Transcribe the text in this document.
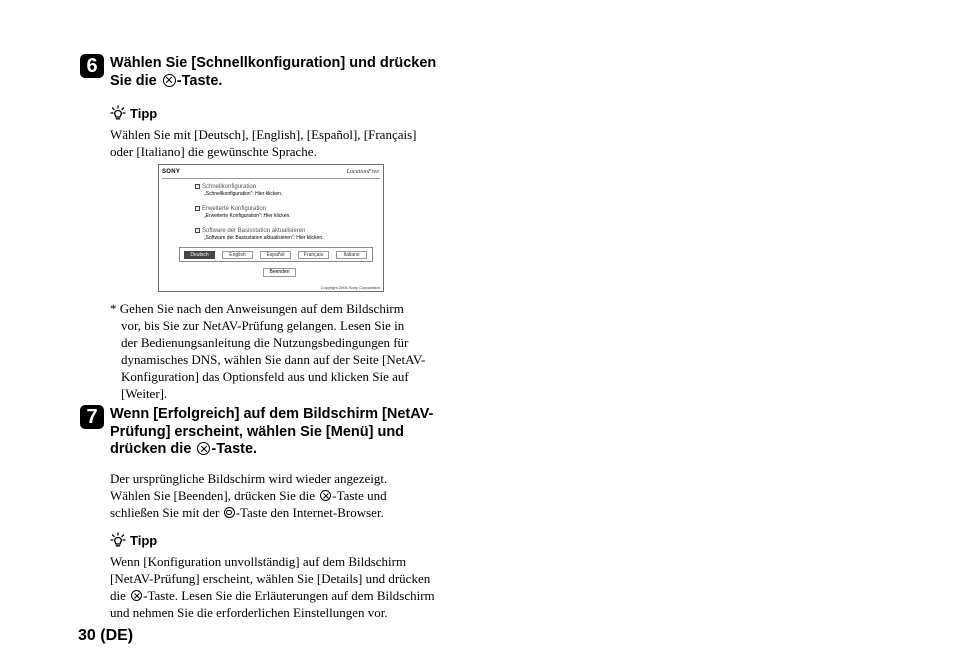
6 Wählen Sie [Schnellkonfiguration] und drücken
Sie die -Taste.
Tipp
Wählen Sie mit [Deutsch], [English], [Español], [Français]
oder [Italiano] die gewünschte Sprache.
SONY	LocationFree
Schnellkonfiguration
„Schnellkonfiguration“: Hier klicken.
Erweiterte Konfiguration
„Erweiterte Konfiguration“: Hier klicken.
Software der Basisstation aktualisieren
„Software der Basisstation aktualisieren“: Hier klicken.
Deutsch	English	Español	Français	Italiano
Beenden
Copyright 2006 Sony Corporation
* Gehen Sie nach den Anweisungen auf dem Bildschirm
vor, bis Sie zur NetAV-Prüfung gelangen. Lesen Sie in
der Bedienungsanleitung die Nutzungsbedingungen für
dynamisches DNS, wählen Sie dann auf der Seite [NetAV-
Konfiguration] das Optionsfeld aus und klicken Sie auf
[Weiter].
7 Wenn [Erfolgreich] auf dem Bildschirm [NetAV-
Prüfung] erscheint, wählen Sie [Menü] und
drücken die -Taste.
Der ursprüngliche Bildschirm wird wieder angezeigt.
Wählen Sie [Beenden], drücken Sie die -Taste und
schließen Sie mit der -Taste den Internet-Browser.
Tipp
Wenn [Konfiguration unvollständig] auf dem Bildschirm
[NetAV-Prüfung] erscheint, wählen Sie [Details] und drücken
die -Taste. Lesen Sie die Erläuterungen auf dem Bildschirm
und nehmen Sie die erforderlichen Einstellungen vor.
30 (DE)
